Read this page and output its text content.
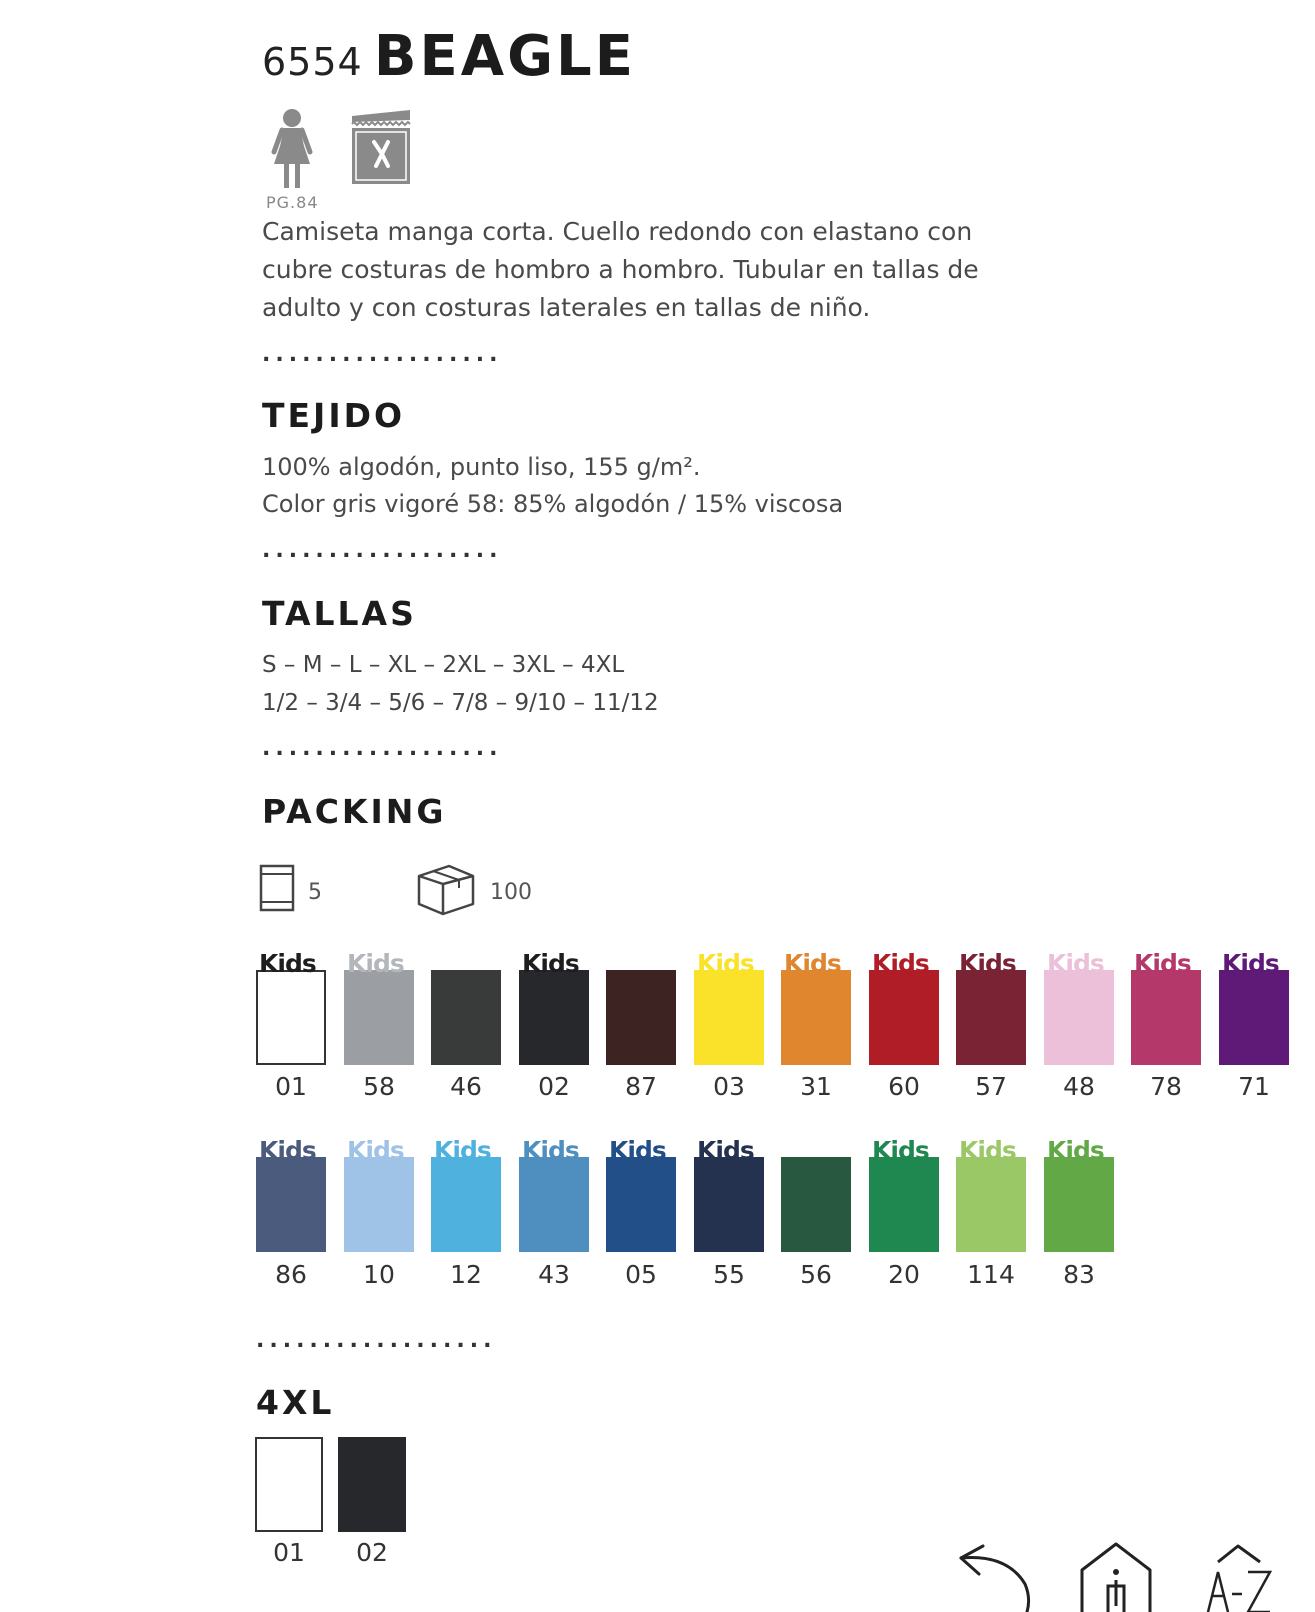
6554 BEAGLE
PG.84
Camiseta manga corta. Cuello redondo con elastano con cubre costuras de hombro a hombro. Tubular en tallas de adulto y con costuras laterales en tallas de niño.
..................
TEJIDO
100% algodón, punto liso, 155 g/m².
Color gris vigoré 58: 85% algodón / 15% viscosa
..................
TALLAS
S – M – L – XL – 2XL – 3XL – 4XL
1/2 – 3/4 – 5/6 – 7/8 – 9/10 – 11/12
..................
PACKING
5	100
Kids
01
Kids
58	46
Kids
02	87
Kids
03
Kids
31
Kids
60
Kids
57
Kids
48
Kids
78
Kids
71
Kids
86
Kids
10
Kids
12
Kids
43
Kids
05
Kids
55	56
Kids
20
Kids
114
Kids
83
..................
4XL
01	02
